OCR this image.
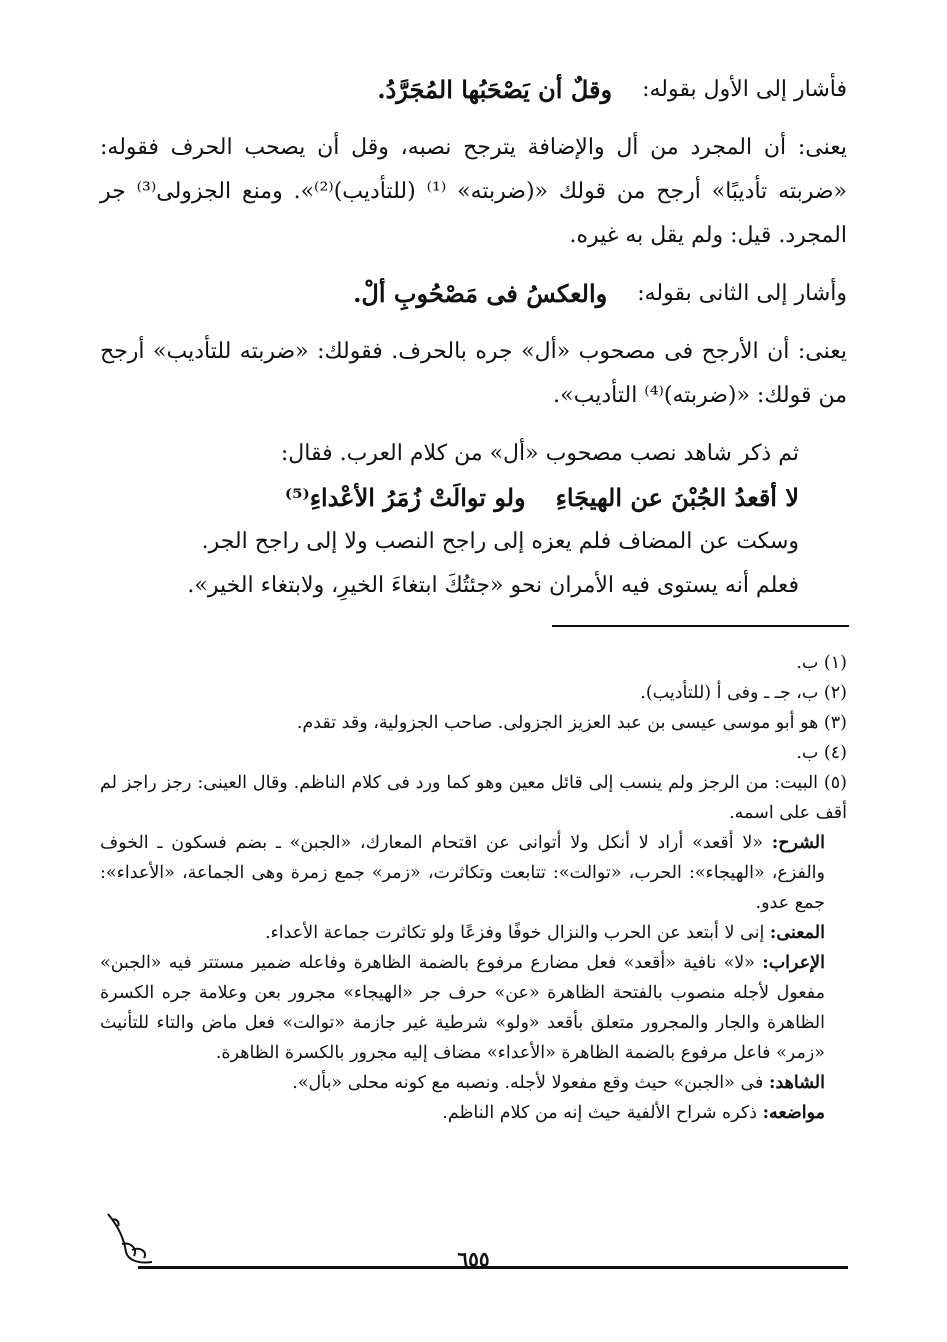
فأشار إلى الأول بقوله:
وقلٌ أن يَصْحَبُها المُجَرَّدُ.

يعنى: أن المجرد من أل والإضافة يترجح نصبه، وقل أن يصحب الحرف فقوله: «ضربته تأديبًا» أرجح من قولك «(ضربته» ⁽¹⁾ (للتأديب)⁽²⁾». ومنع الجزولى⁽³⁾ جر المجرد. قيل: ولم يقل به غيره.

وأشار إلى الثانى بقوله:
والعكسُ فى مَصْحُوبِ ألْ.

يعنى: أن الأرجح فى مصحوب «أل» جره بالحرف. فقولك: «ضربته للتأديب» أرجح من قولك: «(ضربته)⁽⁴⁾ التأديب».

ثم ذكر شاهد نصب مصحوب «أل» من كلام العرب. فقال:

لا أقعدُ الجُبْنَ عن الهيجَاءِ
ولو توالَتْ زُمَرُ الأعْداءِ⁽⁵⁾

وسكت عن المضاف فلم يعزه إلى راجح النصب ولا إلى راجح الجر.

فعلم أنه يستوى فيه الأمران نحو «جئتُكَ ابتغاءَ الخيرِ، ولابتغاء الخير».

(١) ب.

(٢) ب، جـ ـ وفى أ (للتأديب).

(٣) هو أبو موسى عيسى بن عبد العزيز الجزولى. صاحب الجزولية، وقد تقدم.

(٤) ب.

(٥) البيت: من الرجز ولم ينسب إلى قائل معين وهو كما ورد فى كلام الناظم. وقال العينى: رجز راجز لم أقف على اسمه.

الشرح: «لا أقعد» أراد لا أنكل ولا أتوانى عن اقتحام المعارك، «الجبن» ـ بضم فسكون ـ الخوف والفزع، «الهيجاء»: الحرب، «توالت»: تتابعت وتكاثرت، «زمر» جمع زمرة وهى الجماعة، «الأعداء»: جمع عدو.

المعنى: إنى لا أبتعد عن الحرب والنزال خوفًا وفزعًا ولو تكاثرت جماعة الأعداء.

الإعراب: «لا» نافية «أقعد» فعل مضارع مرفوع بالضمة الظاهرة وفاعله ضمير مستتر فيه «الجبن» مفعول لأجله منصوب بالفتحة الظاهرة «عن» حرف جر «الهيجاء» مجرور بعن وعلامة جره الكسرة الظاهرة والجار والمجرور متعلق بأقعد «ولو» شرطية غير جازمة «توالت» فعل ماض والتاء للتأنيث «زمر» فاعل مرفوع بالضمة الظاهرة «الأعداء» مضاف إليه مجرور بالكسرة الظاهرة.

الشاهد: فى «الجبن» حيث وقع مفعولا لأجله. ونصبه مع كونه محلى «بأل».

مواضعه: ذكره شراح الألفية حيث إنه من كلام الناظم.

٦٥٥
